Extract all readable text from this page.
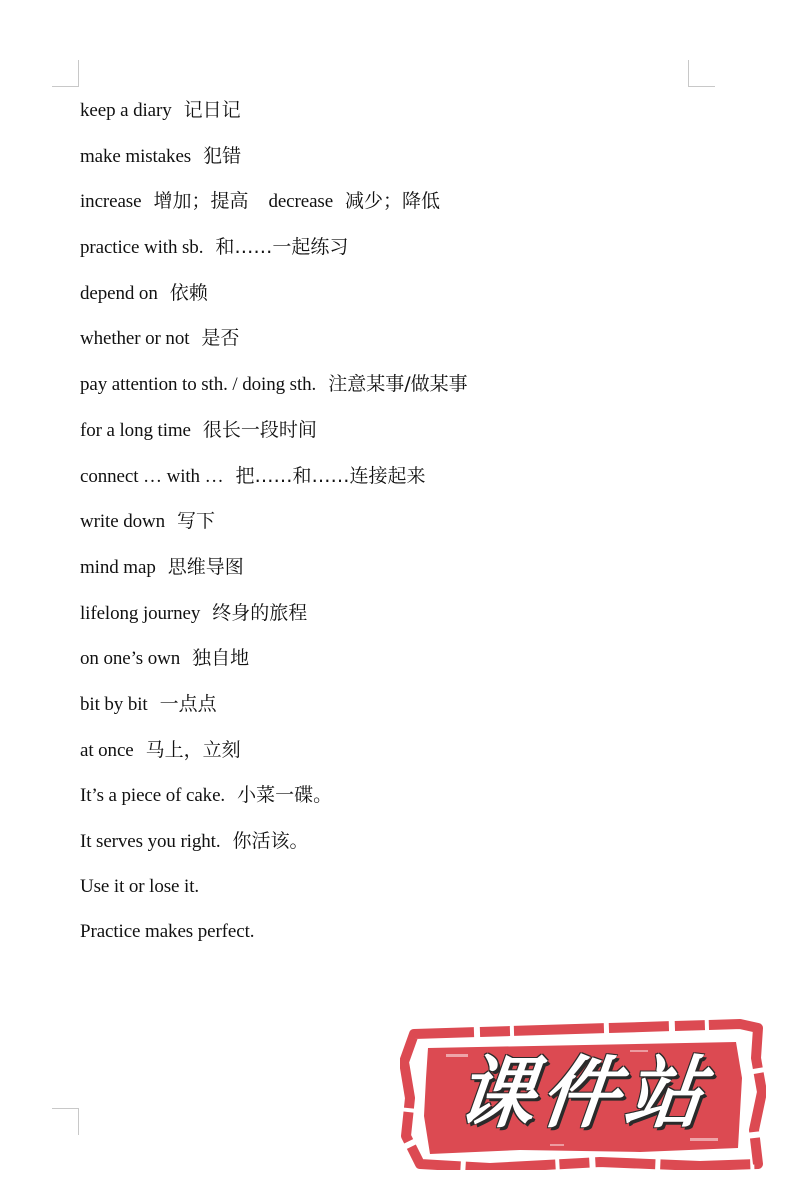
keep a diary 记日记
make mistakes 犯错
increase 增加；提高 decrease 减少；降低
practice with sb. 和……一起练习
depend on 依赖
whether or not 是否
pay attention to sth. / doing sth. 注意某事/做某事
for a long time 很长一段时间
connect … with … 把……和……连接起来
write down 写下
mind map 思维导图
lifelong journey 终身的旅程
on one’s own 独自地
bit by bit 一点点
at once 马上，立刻
It’s a piece of cake. 小菜一碟。
It serves you right. 你活该。
Use it or lose it.
Practice makes perfect.
课件站
